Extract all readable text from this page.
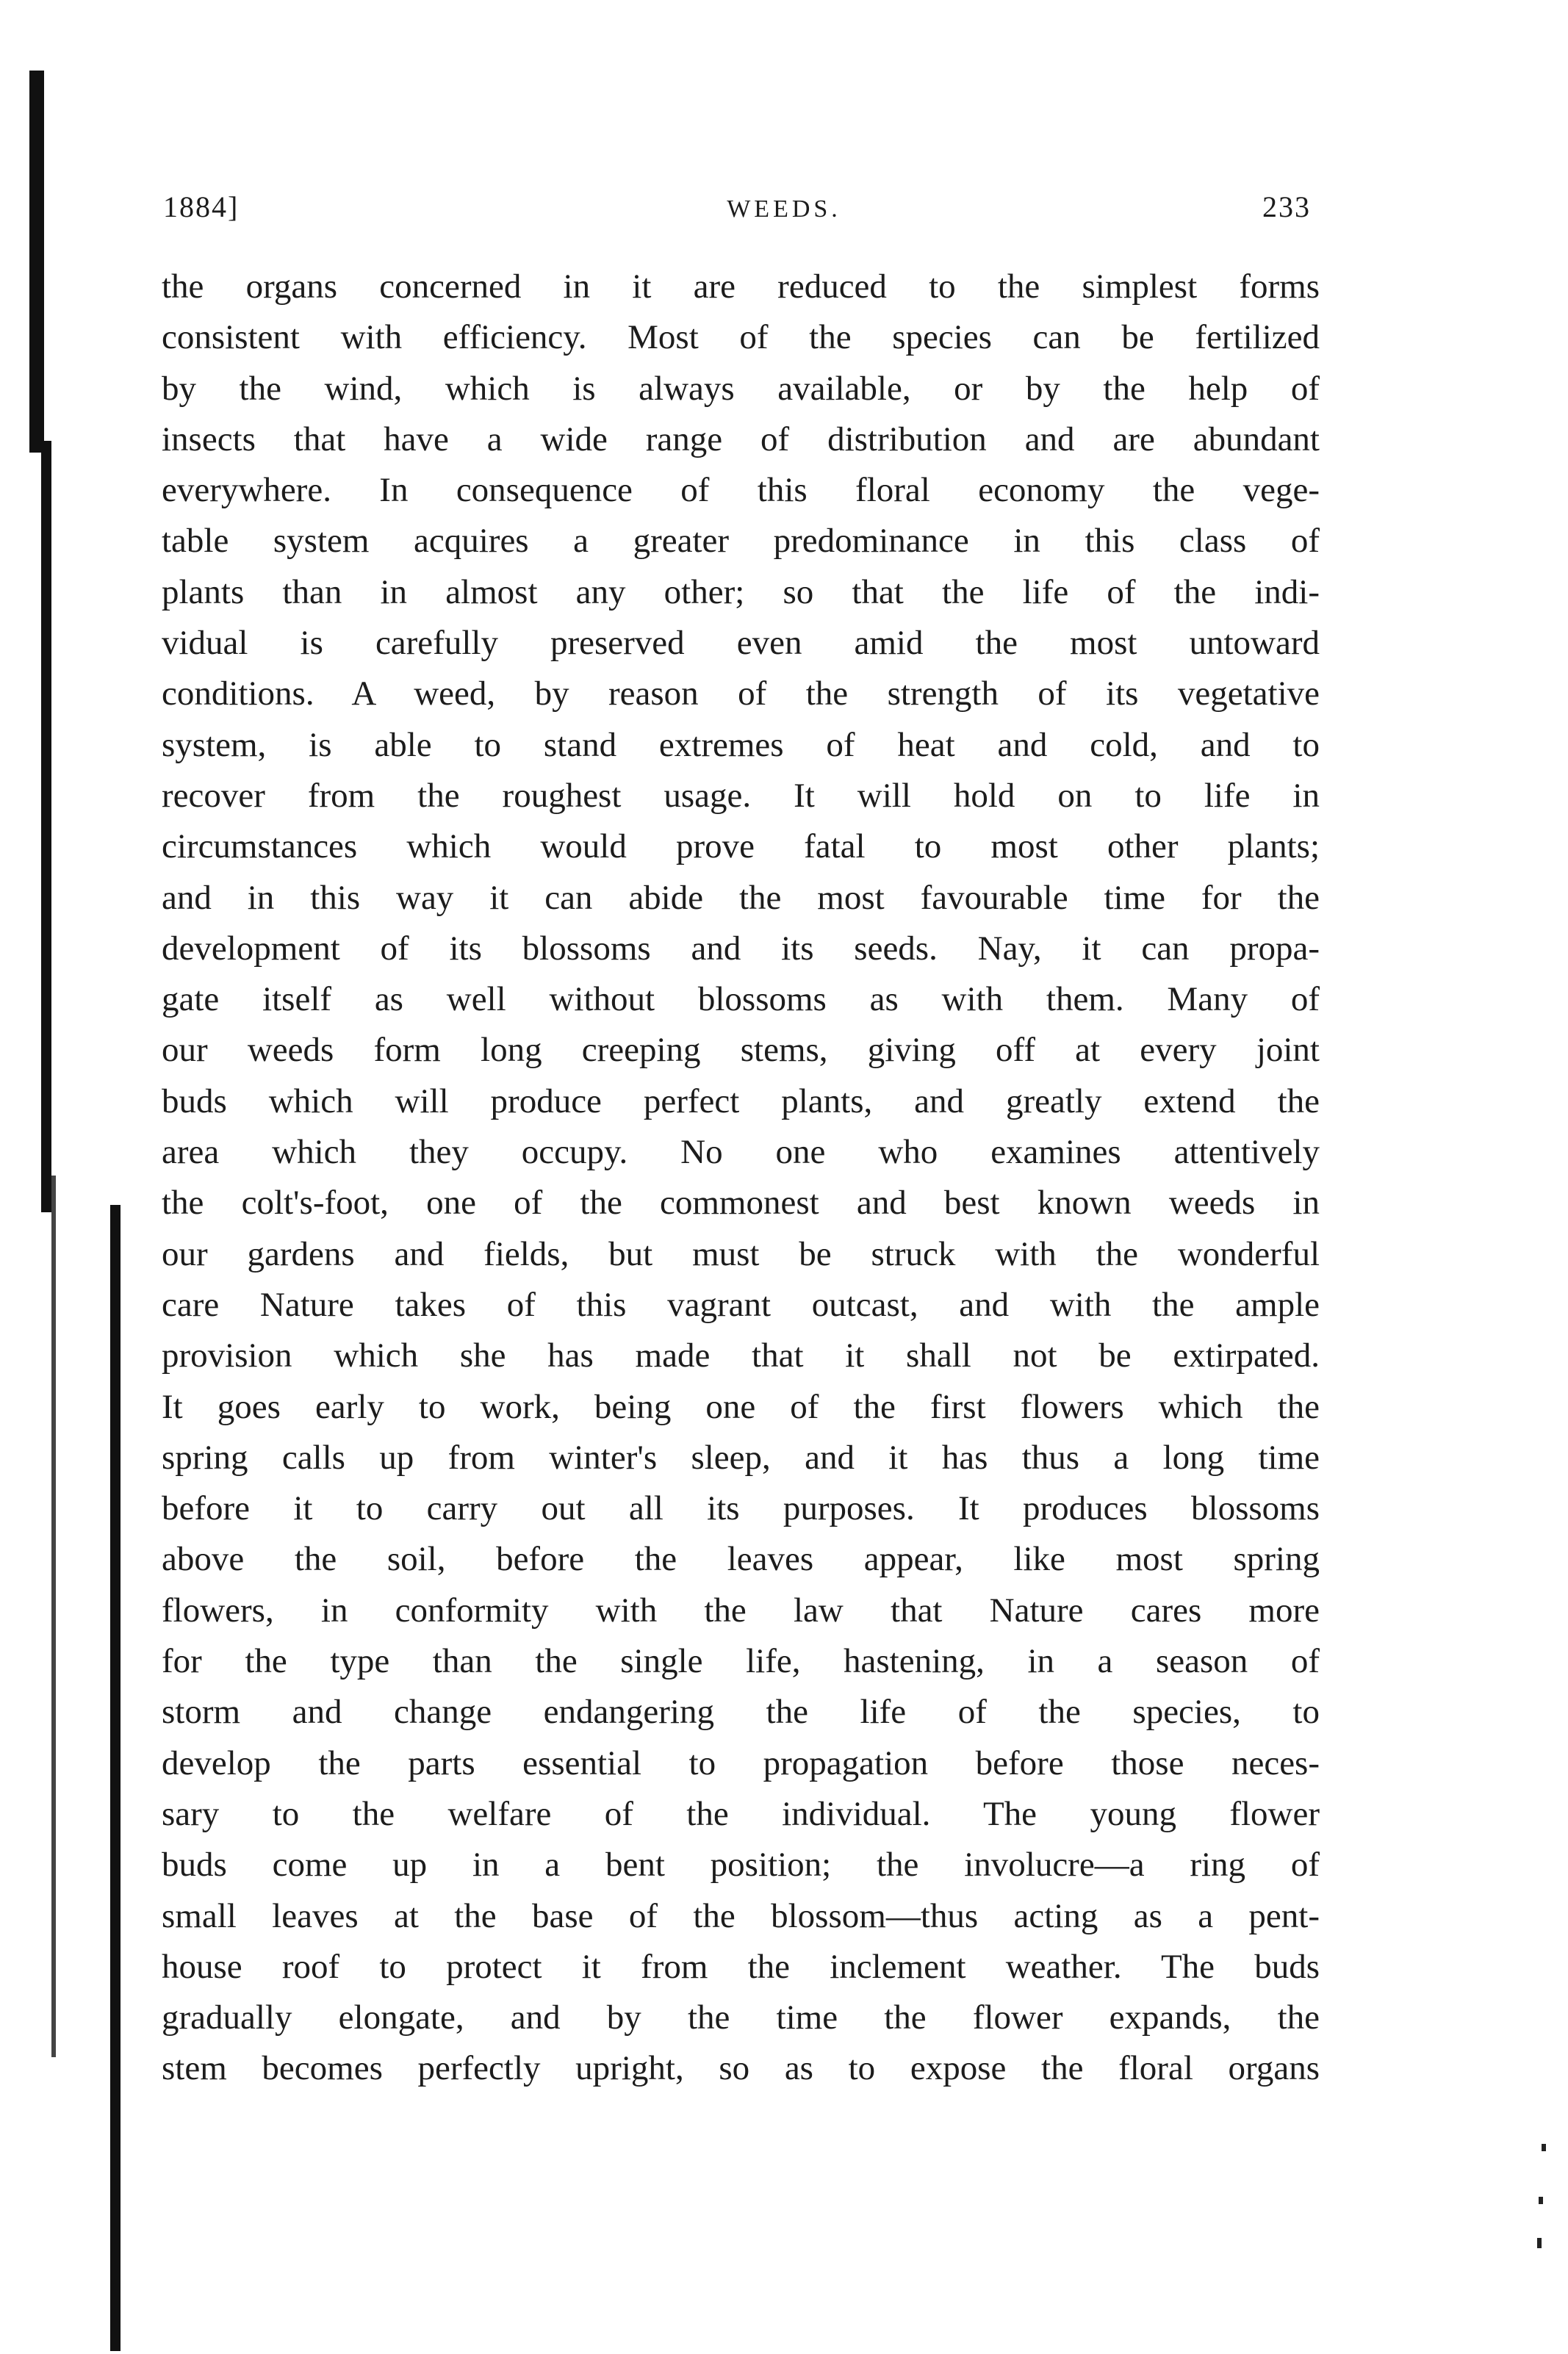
1884]	WEEDS.	233
the organs concerned in it are reduced to the simplest forms
consistent with efficiency. Most of the species can be fertilized
by the wind, which is always available, or by the help of
insects that have a wide range of distribution and are abundant
everywhere. In consequence of this floral economy the vege-
table system acquires a greater predominance in this class of
plants than in almost any other; so that the life of the indi-
vidual is carefully preserved even amid the most untoward
conditions. A weed, by reason of the strength of its vegetative
system, is able to stand extremes of heat and cold, and to
recover from the roughest usage. It will hold on to life in
circumstances which would prove fatal to most other plants;
and in this way it can abide the most favourable time for the
development of its blossoms and its seeds. Nay, it can propa-
gate itself as well without blossoms as with them. Many of
our weeds form long creeping stems, giving off at every joint
buds which will produce perfect plants, and greatly extend the
area which they occupy. No one who examines attentively
the colt's-foot, one of the commonest and best known weeds in
our gardens and fields, but must be struck with the wonderful
care Nature takes of this vagrant outcast, and with the ample
provision which she has made that it shall not be extirpated.
It goes early to work, being one of the first flowers which the
spring calls up from winter's sleep, and it has thus a long time
before it to carry out all its purposes. It produces blossoms
above the soil, before the leaves appear, like most spring
flowers, in conformity with the law that Nature cares more
for the type than the single life, hastening, in a season of
storm and change endangering the life of the species, to
develop the parts essential to propagation before those neces-
sary to the welfare of the individual. The young flower
buds come up in a bent position; the involucre—a ring of
small leaves at the base of the blossom—thus acting as a pent-
house roof to protect it from the inclement weather. The buds
gradually elongate, and by the time the flower expands, the
stem becomes perfectly upright, so as to expose the floral organs
